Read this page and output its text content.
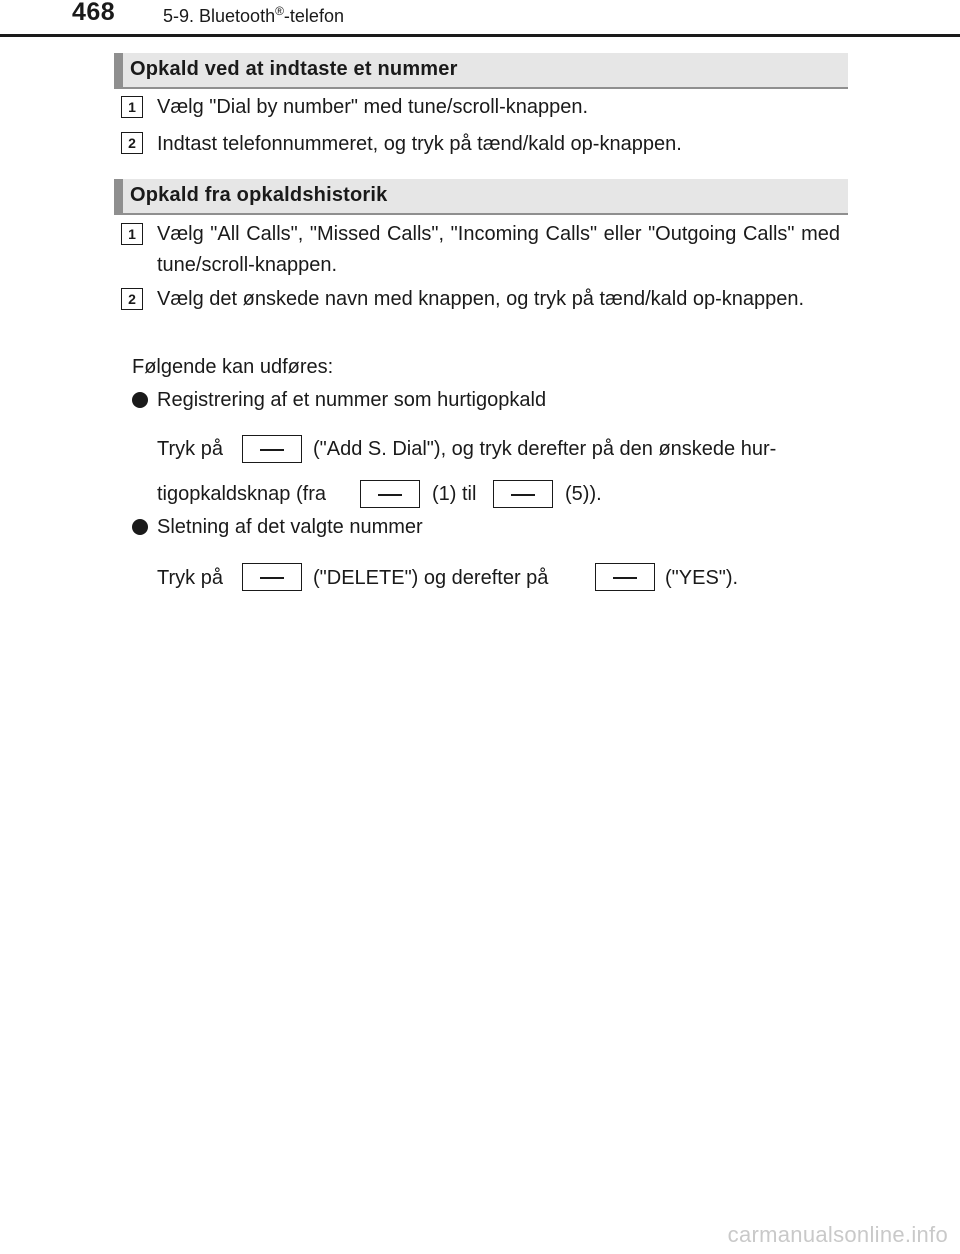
468	5-9. Bluetooth®-telefon
Opkald ved at indtaste et nummer
1	Vælg "Dial by number" med tune/scroll-knappen.
2	Indtast telefonnummeret, og tryk på tænd/kald op-knappen.
Opkald fra opkaldshistorik
1	Vælg "All Calls", "Missed Calls", "Incoming Calls" eller "Outgoing Calls" med tune/scroll-knappen.
2	Vælg det ønskede navn med knappen, og tryk på tænd/kald op-knappen.
Følgende kan udføres:
Registrering af et nummer som hurtigopkald
Tryk på	("Add S. Dial"), og tryk derefter på den ønskede hur-
tigopkaldsknap (fra	(1) til	(5)).
Sletning af det valgte nummer
Tryk på	("DELETE") og derefter på	("YES").
carmanualsonline.info
